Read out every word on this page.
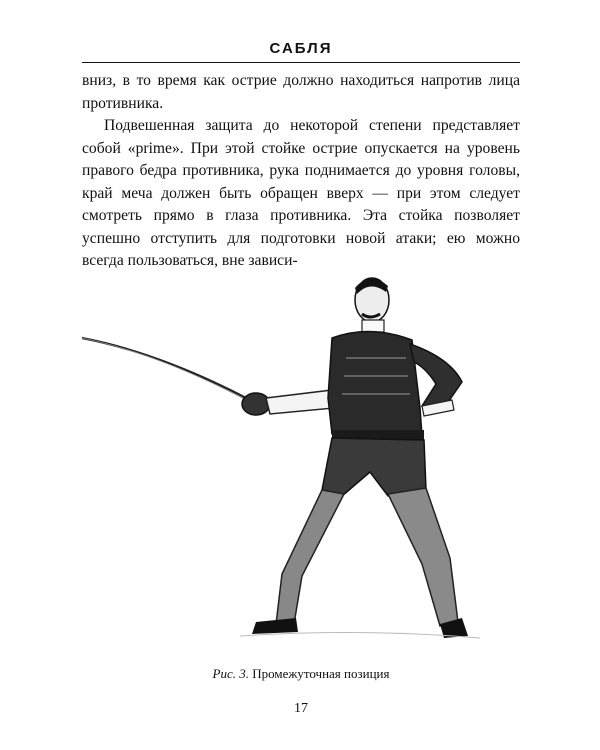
САБЛЯ

вниз, в то время как острие должно находиться напротив лица противника.

Подвешенная защита до некоторой степени представляет собой «prime». При этой стойке острие опускается на уровень правого бедра противника, рука поднимается до уровня головы, край меча должен быть обращен вверх — при этом следует смотреть прямо в глаза противника. Эта стойка позволяет успешно отступить для подготовки новой атаки; ею можно всегда пользоваться, вне зависи-

Рис. 3. Промежуточная позиция
17
